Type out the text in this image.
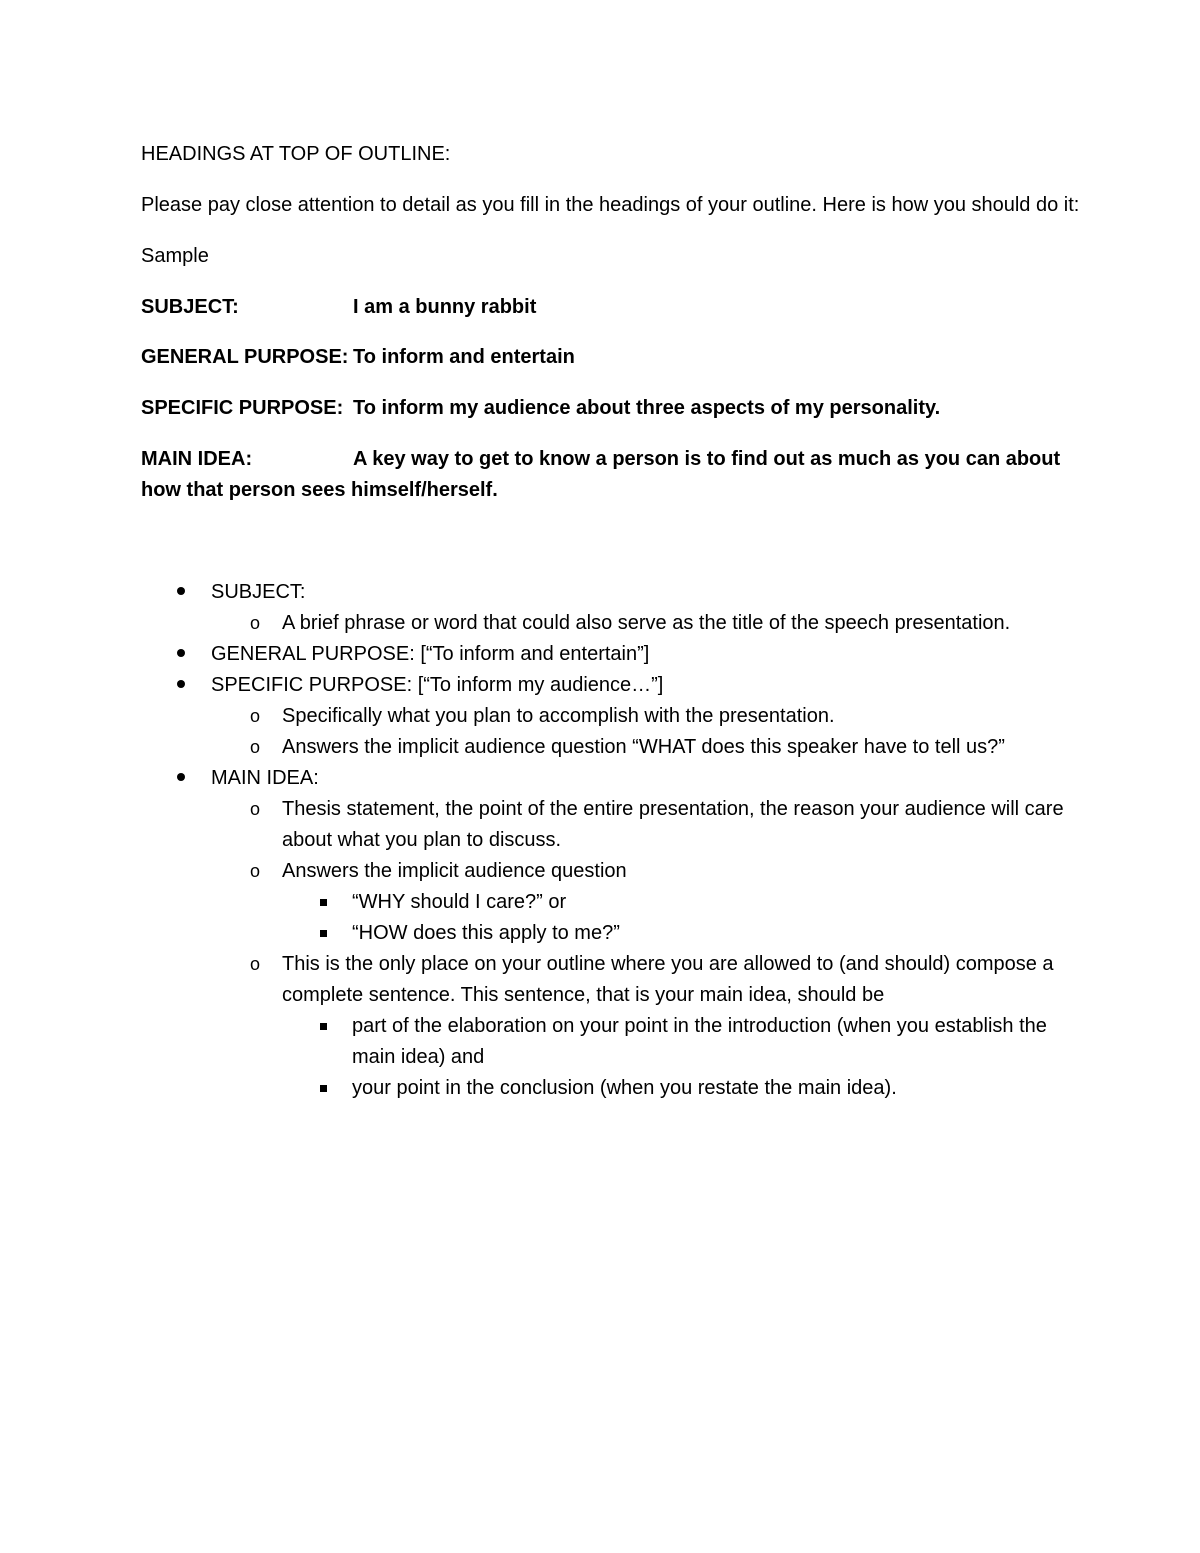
HEADINGS AT TOP OF OUTLINE:
Please pay close attention to detail as you fill in the headings of your outline. Here is how you should do it:
Sample
SUBJECT:	I am a bunny rabbit
GENERAL PURPOSE: To inform and entertain
SPECIFIC PURPOSE: To inform my audience about three aspects of my personality.
MAIN IDEA:	A key way to get to know a person is to find out as much as you can about
how that person sees himself/herself.
SUBJECT:
o A brief phrase or word that could also serve as the title of the speech presentation.
GENERAL PURPOSE: [“To inform and entertain”]
SPECIFIC PURPOSE: [“To inform my audience…”]
o Specifically what you plan to accomplish with the presentation.
o Answers the implicit audience question “WHAT does this speaker have to tell us?”
MAIN IDEA:
o Thesis statement, the point of the entire presentation, the reason your audience will care
about what you plan to discuss.
o Answers the implicit audience question
“WHY should I care?” or
“HOW does this apply to me?”
o This is the only place on your outline where you are allowed to (and should) compose a
complete sentence. This sentence, that is your main idea, should be
part of the elaboration on your point in the introduction (when you establish the
main idea) and
your point in the conclusion (when you restate the main idea).
